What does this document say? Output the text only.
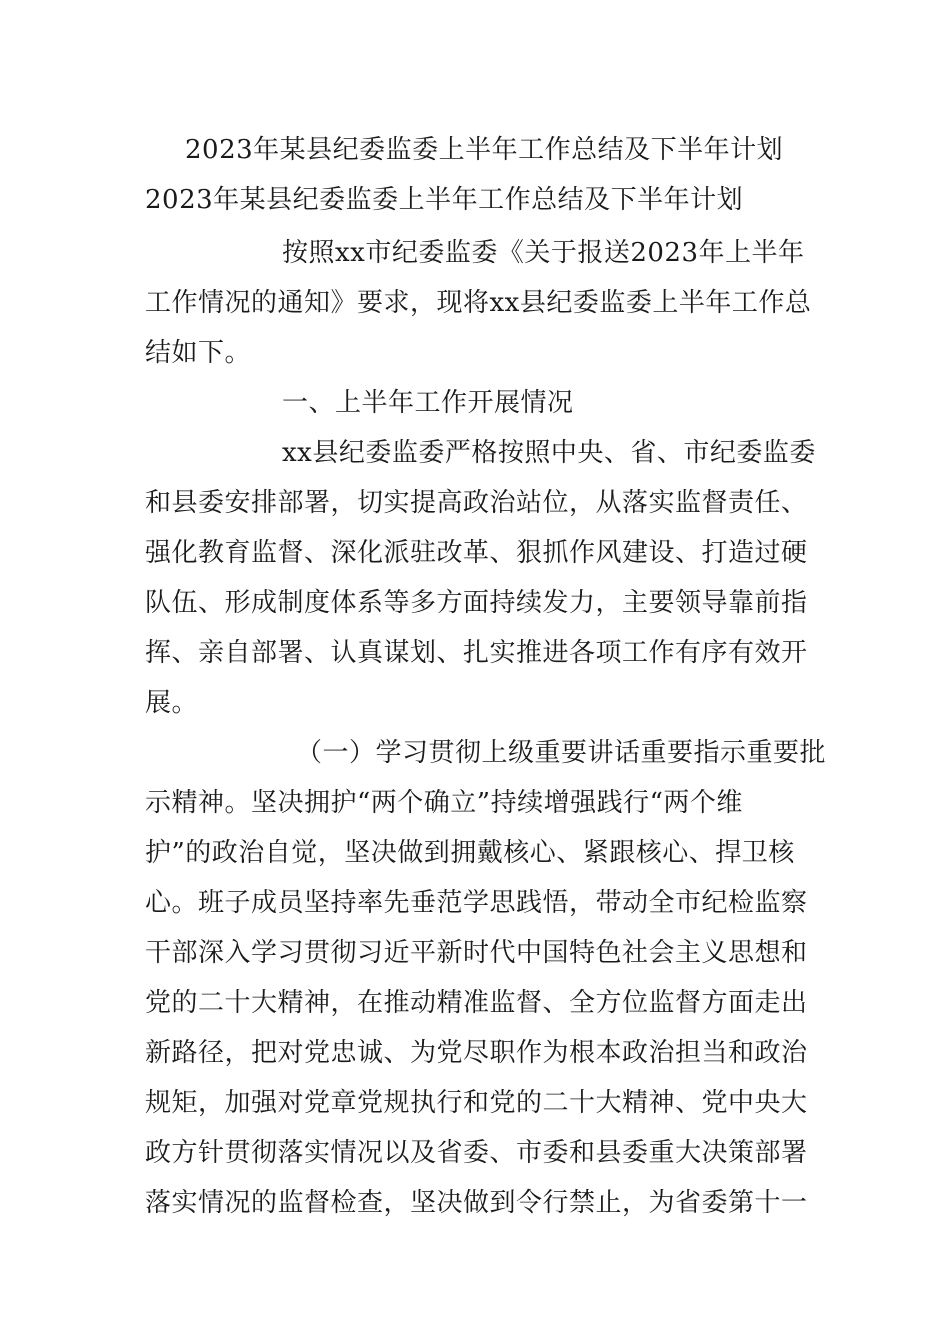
2023年某县纪委监委上半年工作总结及下半年计划
2023年某县纪委监委上半年工作总结及下半年计划
按照xx市纪委监委《关于报送2023年上半年
工作情况的通知》要求，现将xx县纪委监委上半年工作总
结如下。
一、上半年工作开展情况
xx县纪委监委严格按照中央、省、市纪委监委
和县委安排部署，切实提高政治站位，从落实监督责任、
强化教育监督、深化派驻改革、狠抓作风建设、打造过硬
队伍、形成制度体系等多方面持续发力，主要领导靠前指
挥、亲自部署、认真谋划、扎实推进各项工作有序有效开
展。
（一）学习贯彻上级重要讲话重要指示重要批
示精神。坚决拥护“两个确立”持续增强践行“两个维
护”的政治自觉，坚决做到拥戴核心、紧跟核心、捍卫核
心。班子成员坚持率先垂范学思践悟，带动全市纪检监察
干部深入学习贯彻习近平新时代中国特色社会主义思想和
党的二十大精神，在推动精准监督、全方位监督方面走出
新路径，把对党忠诚、为党尽职作为根本政治担当和政治
规矩，加强对党章党规执行和党的二十大精神、党中央大
政方针贯彻落实情况以及省委、市委和县委重大决策部署
落实情况的监督检查，坚决做到令行禁止，为省委第十一
